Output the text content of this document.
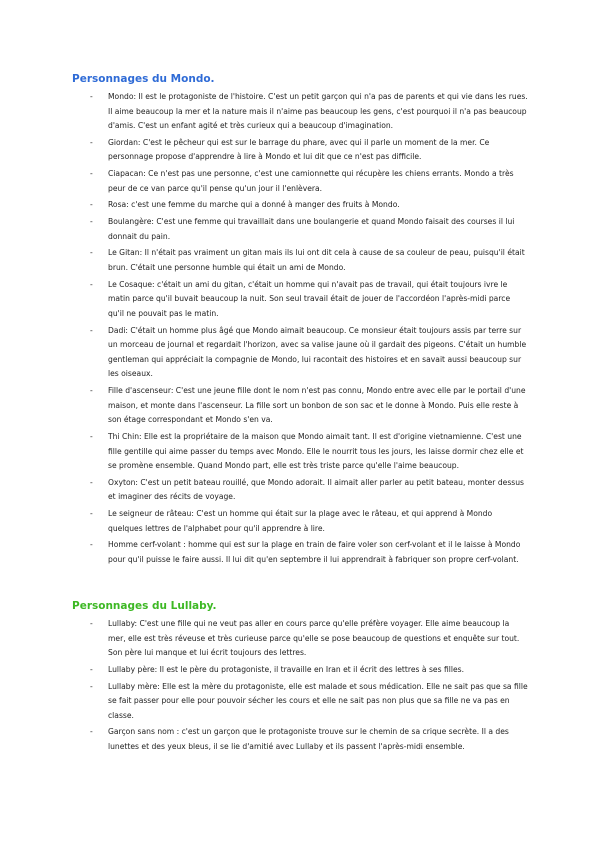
Personnages du Mondo.
- Mondo: Il est le protagoniste de l'histoire. C'est un petit garçon qui n'a pas de parents et qui vie dans les rues. Il aime beaucoup la mer et la nature mais il n'aime pas beaucoup les gens, c'est pourquoi il n'a pas beaucoup d'amis. C'est un enfant agité et très curieux qui a beaucoup d'imagination.
- Giordan: C'est le pêcheur qui est sur le barrage du phare, avec qui il parle un moment de la mer. Ce personnage propose d'apprendre à lire à Mondo et lui dit que ce n'est pas difficile.
- Ciapacan: Ce n'est pas une personne, c'est une camionnette qui récupère les chiens errants. Mondo a très peur de ce van parce qu'il pense qu'un jour il l'enlèvera.
- Rosa: c'est une femme du marche qui a donné à manger des fruits à Mondo.
- Boulangère: C'est une femme qui travaillait dans une boulangerie et quand Mondo faisait des courses il lui donnait du pain.
- Le Gitan: Il n'était pas vraiment un gitan mais ils lui ont dit cela à cause de sa couleur de peau, puisqu'il était brun. C'était une personne humble qui était un ami de Mondo.
- Le Cosaque: c'était un ami du gitan, c'était un homme qui n'avait pas de travail, qui était toujours ivre le matin parce qu'il buvait beaucoup la nuit. Son seul travail était de jouer de l'accordéon l'après-midi parce qu'il ne pouvait pas le matin.
- Dadi: C'était un homme plus âgé que Mondo aimait beaucoup. Ce monsieur était toujours assis par terre sur un morceau de journal et regardait l'horizon, avec sa valise jaune où il gardait des pigeons. C'était un humble gentleman qui appréciait la compagnie de Mondo, lui racontait des histoires et en savait aussi beaucoup sur les oiseaux.
- Fille d'ascenseur: C'est une jeune fille dont le nom n'est pas connu, Mondo entre avec elle par le portail d'une maison, et monte dans l'ascenseur. La fille sort un bonbon de son sac et le donne à Mondo. Puis elle reste à son étage correspondant et Mondo s'en va.
- Thi Chin: Elle est la propriétaire de la maison que Mondo aimait tant. Il est d'origine vietnamienne. C'est une fille gentille qui aime passer du temps avec Mondo. Elle le nourrit tous les jours, les laisse dormir chez elle et se promène ensemble. Quand Mondo part, elle est très triste parce qu'elle l'aime beaucoup.
- Oxyton: C'est un petit bateau rouillé, que Mondo adorait. Il aimait aller parler au petit bateau, monter dessus et imaginer des récits de voyage.
- Le seigneur de râteau: C'est un homme qui était sur la plage avec le râteau, et qui apprend à Mondo quelques lettres de l'alphabet pour qu'il apprendre à lire.
- Homme cerf-volant : homme qui est sur la plage en train de faire voler son cerf-volant et il le laisse à Mondo pour qu'il puisse le faire aussi. Il lui dit qu'en septembre il lui apprendrait à fabriquer son propre cerf-volant.
Personnages du Lullaby.
- Lullaby: C'est une fille qui ne veut pas aller en cours parce qu'elle préfère voyager. Elle aime beaucoup la mer, elle est très réveuse et très curieuse parce qu'elle se pose beaucoup de questions et enquête sur tout. Son père lui manque et lui écrit toujours des lettres.
- Lullaby père: Il est le père du protagoniste, il travaille en Iran et il écrit des lettres à ses filles.
- Lullaby mère: Elle est la mère du protagoniste, elle est malade et sous médication. Elle ne sait pas que sa fille se fait passer pour elle pour pouvoir sécher les cours et elle ne sait pas non plus que sa fille ne va pas en classe.
- Garçon sans nom : c'est un garçon que le protagoniste trouve sur le chemin de sa crique secrète. Il a des lunettes et des yeux bleus, il se lie d'amitié avec Lullaby et ils passent l'après-midi ensemble.
